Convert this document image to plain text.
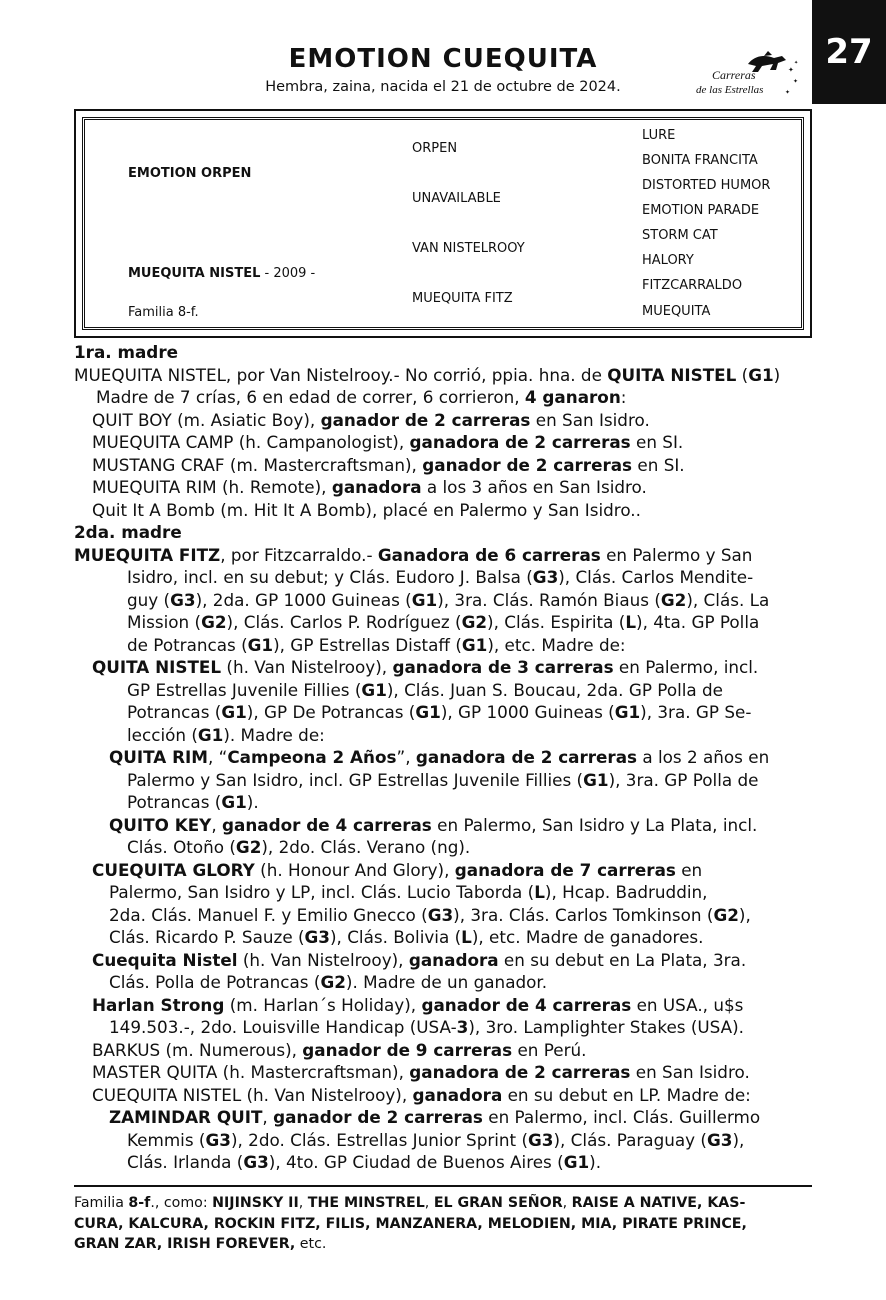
27
EMOTION CUEQUITA
Hembra, zaina, nacida el 21 de octubre de 2024.
Carreras
de las Estrellas
✦
✦
✦
✦
EMOTION ORPEN
MUEQUITA NISTEL - 2009 -
Familia 8-f.
ORPEN
UNAVAILABLE
VAN NISTELROOY
MUEQUITA FITZ
LURE
BONITA FRANCITA
DISTORTED HUMOR
EMOTION PARADE
STORM CAT
HALORY
FITZCARRALDO
MUEQUITA

1ra. madre

MUEQUITA NISTEL, por Van Nistelrooy.- No corrió, ppia. hna. de QUITA NISTEL (G1)

Madre de 7 crías, 6 en edad de correr, 6 corrieron, 4 ganaron:

QUIT BOY (m. Asiatic Boy), ganador de 2 carreras en San Isidro.

MUEQUITA CAMP (h. Campanologist), ganadora de 2 carreras en SI.

MUSTANG CRAF (m. Mastercraftsman), ganador de 2 carreras en SI.

MUEQUITA RIM (h. Remote), ganadora a los 3 años en San Isidro.

Quit It A Bomb (m. Hit It A Bomb), placé en Palermo y San Isidro..

2da. madre

MUEQUITA FITZ, por Fitzcarraldo.- Ganadora de 6 carreras en Palermo y San
Isidro, incl. en su debut; y Clás. Eudoro J. Balsa (G3), Clás. Carlos Mendite-
guy (G3), 2da. GP 1000 Guineas (G1), 3ra. Clás. Ramón Biaus (G2), Clás. La
Mission (G2), Clás. Carlos P. Rodríguez (G2), Clás. Espirita (L), 4ta. GP Polla
de Potrancas (G1), GP Estrellas Distaff (G1), etc. Madre de:

QUITA NISTEL (h. Van Nistelrooy), ganadora de 3 carreras en Palermo, incl.
GP Estrellas Juvenile Fillies (G1), Clás. Juan S. Boucau, 2da. GP Polla de
Potrancas (G1), GP De Potrancas (G1), GP 1000 Guineas (G1), 3ra. GP Se-
lección (G1). Madre de:

QUITA RIM, “Campeona 2 Años”, ganadora de 2 carreras a los 2 años en
Palermo y San Isidro, incl. GP Estrellas Juvenile Fillies (G1), 3ra. GP Polla de
Potrancas (G1).

QUITO KEY, ganador de 4 carreras en Palermo, San Isidro y La Plata, incl.
Clás. Otoño (G2), 2do. Clás. Verano (ng).

CUEQUITA GLORY (h. Honour And Glory), ganadora de 7 carreras en
Palermo, San Isidro y LP, incl. Clás. Lucio Taborda (L), Hcap. Badruddin,
2da. Clás. Manuel F. y Emilio Gnecco (G3), 3ra. Clás. Carlos Tomkinson (G2),
Clás. Ricardo P. Sauze (G3), Clás. Bolivia (L), etc. Madre de ganadores.

Cuequita Nistel (h. Van Nistelrooy), ganadora en su debut en La Plata, 3ra.
Clás. Polla de Potrancas (G2). Madre de un ganador.

Harlan Strong (m. Harlan´s Holiday), ganador de 4 carreras en USA., u$s
149.503.-, 2do. Louisville Handicap (USA-3), 3ro. Lamplighter Stakes (USA).

BARKUS (m. Numerous), ganador de 9 carreras en Perú.

MASTER QUITA (h. Mastercraftsman), ganadora de 2 carreras en San Isidro.

CUEQUITA NISTEL (h. Van Nistelrooy), ganadora en su debut en LP. Madre de:

ZAMINDAR QUIT, ganador de 2 carreras en Palermo, incl. Clás. Guillermo
Kemmis (G3), 2do. Clás. Estrellas Junior Sprint (G3), Clás. Paraguay (G3),
Clás. Irlanda (G3), 4to. GP Ciudad de Buenos Aires (G1).

Familia 8-f., como: NIJINSKY II, THE MINSTREL, EL GRAN SEÑOR, RAISE A NATIVE, KAS-
CURA, KALCURA, ROCKIN FITZ, FILIS, MANZANERA, MELODIEN, MIA, PIRATE PRINCE,
GRAN ZAR, IRISH FOREVER, etc.
